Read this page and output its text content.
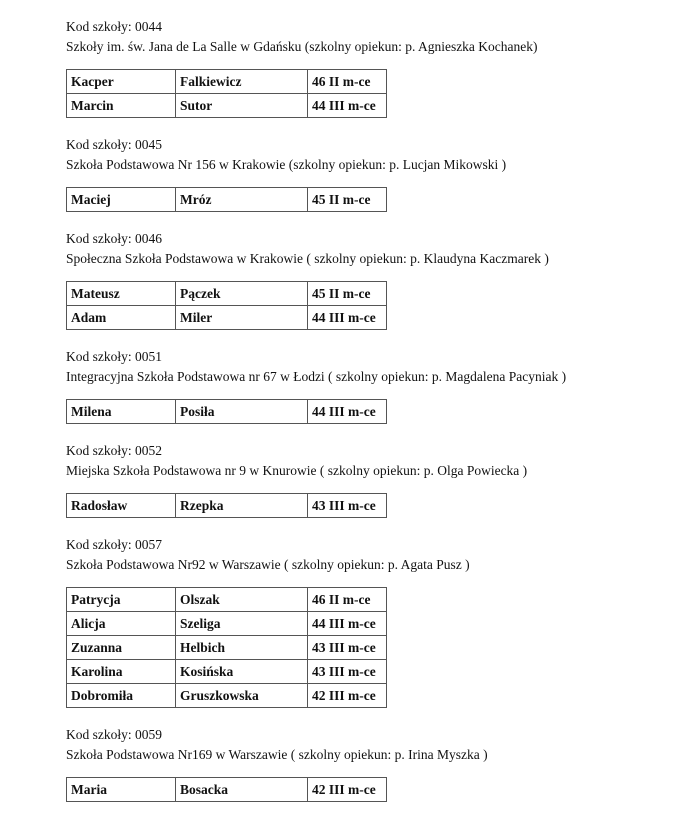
Kod szkoły: 0044
Szkoły im. św. Jana de La Salle w Gdańsku (szkolny opiekun: p. Agnieszka Kochanek)
Kacper	Falkiewicz	46 II m-ce
Marcin	Sutor	44 III m-ce
Kod szkoły: 0045
Szkoła Podstawowa Nr 156 w Krakowie (szkolny opiekun: p. Lucjan Mikowski )
Maciej	Mróz	45 II m-ce
Kod szkoły: 0046
Społeczna Szkoła Podstawowa w Krakowie ( szkolny opiekun: p. Klaudyna Kaczmarek )
Mateusz	Pączek	45 II m-ce
Adam	Miler	44 III m-ce
Kod szkoły: 0051
Integracyjna Szkoła Podstawowa nr 67 w Łodzi ( szkolny opiekun: p. Magdalena Pacyniak )
Milena	Posiła	44 III m-ce
Kod szkoły: 0052
Miejska Szkoła Podstawowa nr 9 w Knurowie ( szkolny opiekun: p. Olga Powiecka )
Radosław	Rzepka	43 III m-ce
Kod szkoły: 0057
Szkoła Podstawowa Nr92 w Warszawie ( szkolny opiekun: p. Agata Pusz )
Patrycja	Olszak	46 II m-ce
Alicja	Szeliga	44 III m-ce
Zuzanna	Helbich	43 III m-ce
Karolina	Kosińska	43 III m-ce
Dobromiła	Gruszkowska	42 III m-ce
Kod szkoły: 0059
Szkoła Podstawowa Nr169 w Warszawie ( szkolny opiekun: p. Irina Myszka )
Maria	Bosacka	42 III m-ce
